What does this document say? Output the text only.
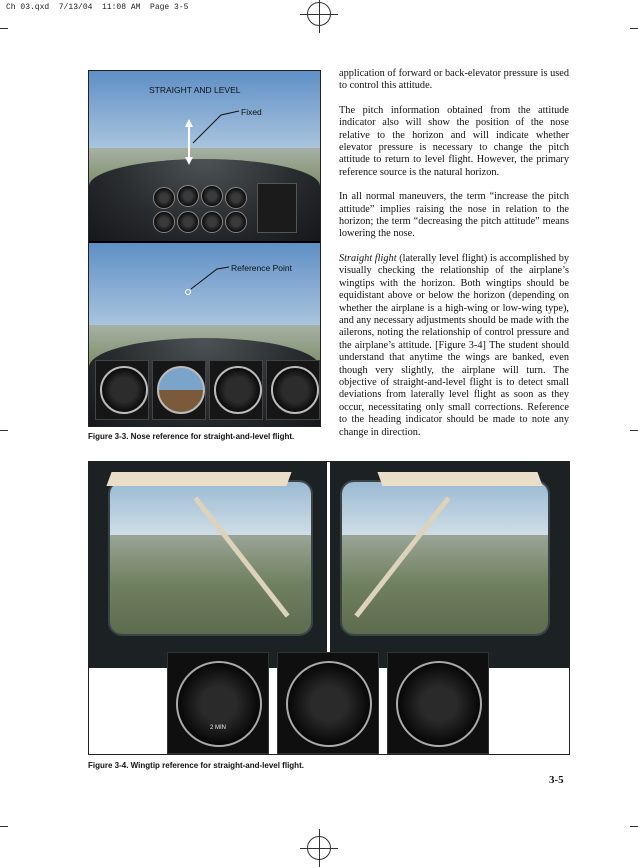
Ch 03.qxd  7/13/04  11:08 AM  Page 3-5
STRAIGHT AND LEVEL
Fixed
Reference Point
Figure 3-3. Nose reference for straight-and-level flight.

application of forward or back-elevator pressure is used to control this attitude.

The pitch information obtained from the attitude indicator also will show the position of the nose relative to the horizon and will indicate whether elevator pressure is necessary to change the pitch attitude to return to level flight. However, the primary reference source is the natural horizon.

In all normal maneuvers, the term “increase the pitch attitude” implies raising the nose in relation to the horizon; the term “decreasing the pitch attitude” means lowering the nose.

Straight flight (laterally level flight) is accomplished by visually checking the relationship of the airplane’s wingtips with the horizon. Both wingtips should be equidistant above or below the horizon (depending on whether the airplane is a high-wing or low-wing type), and any necessary adjustments should be made with the ailerons, noting the relationship of control pressure and the airplane’s attitude. [Figure 3-4] The student should understand that anytime the wings are banked, even though very slightly, the airplane will turn. The objective of straight-and-level flight is to detect small deviations from laterally level flight as soon as they occur, necessitating only small corrections. Reference to the heading indicator should be made to note any change in direction.

2 MIN
Figure 3-4. Wingtip reference for straight-and-level flight.
3-5
